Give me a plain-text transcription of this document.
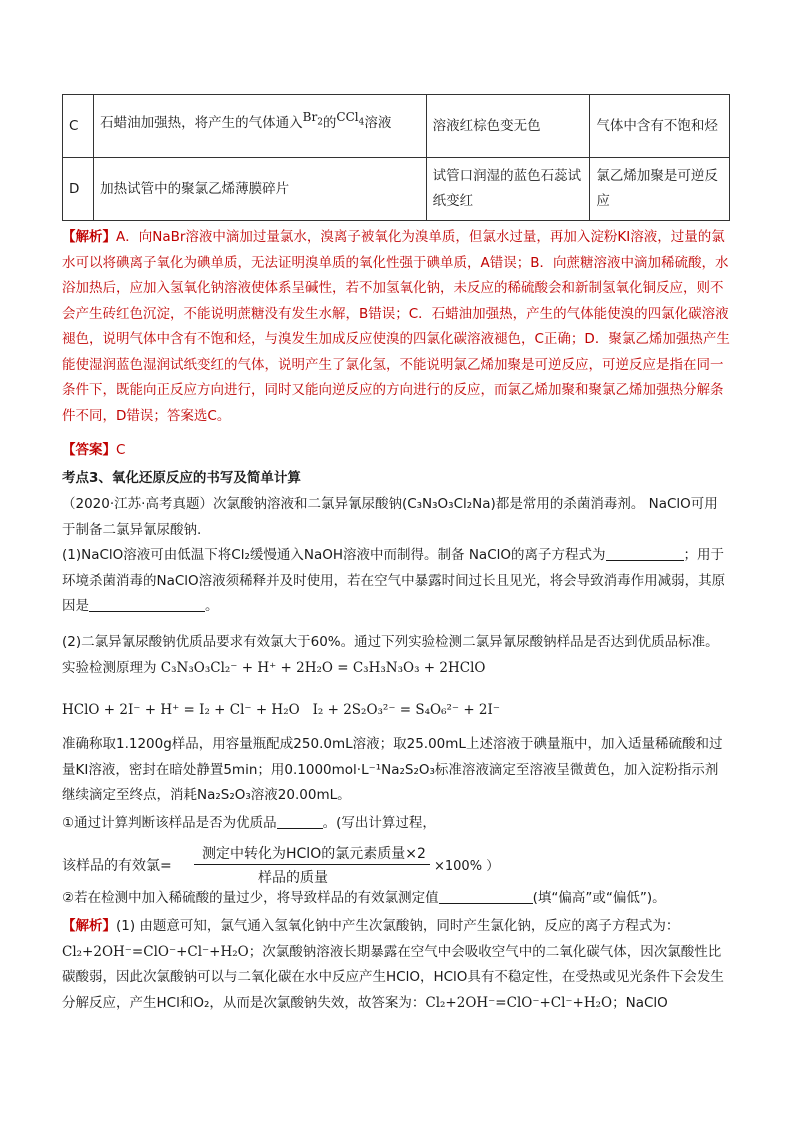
C	石蜡油加强热，将产生的气体通入$Br_2$的CCl$_4$溶液	溶液红棕色变无色	气体中含有不饱和烃
D	加热试管中的聚氯乙烯薄膜碎片	试管口润湿的蓝色石蕊试纸变红	氯乙烯加聚是可逆反应

【解析】A．向NaBr溶液中滴加过量氯水，溴离子被氧化为溴单质，但氯水过量，再加入淀粉KI溶液，过量的氯水可以将碘离子氧化为碘单质，无法证明溴单质的氧化性强于碘单质，A错误；B．向蔗糖溶液中滴加稀硫酸，水浴加热后，应加入氢氧化钠溶液使体系呈碱性，若不加氢氧化钠，未反应的稀硫酸会和新制氢氧化铜反应，则不会产生砖红色沉淀，不能说明蔗糖没有发生水解，B错误；C．石蜡油加强热，产生的气体能使溴的四氯化碳溶液褪色，说明气体中含有不饱和烃，与溴发生加成反应使溴的四氯化碳溶液褪色，C正确；D．聚氯乙烯加强热产生能使湿润蓝色湿润试纸变红的气体，说明产生了氯化氢，不能说明氯乙烯加聚是可逆反应，可逆反应是指在同一条件下，既能向正反应方向进行，同时又能向逆反应的方向进行的反应，而氯乙烯加聚和聚氯乙烯加强热分解条件不同，D错误；答案选C。

【答案】C

考点3、氧化还原反应的书写及简单计算

（2020·江苏·高考真题）次氯酸钠溶液和二氯异氰尿酸钠(C₃N₃O₃Cl₂Na)都是常用的杀菌消毒剂。 NaClO可用于制备二氯异氰尿酸钠.

(1)NaClO溶液可由低温下将Cl₂缓慢通入NaOH溶液中而制得。制备 NaClO的离子方程式为	；用于环境杀菌消毒的NaClO溶液须稀释并及时使用，若在空气中暴露时间过长且见光，将会导致消毒作用减弱，其原因是	。

(2)二氯异氰尿酸钠优质品要求有效氯大于60%。通过下列实验检测二氯异氰尿酸钠样品是否达到优质品标准。实验检测原理为 C₃N₃O₃Cl₂⁻ + H⁺ + 2H₂O = C₃H₃N₃O₃ + 2HClO

HClO + 2I⁻ + H⁺ = I₂ + Cl⁻ + H₂O I₂ + 2S₂O₃²⁻ = S₄O₆²⁻ + 2I⁻

准确称取1.1200g样品，用容量瓶配成250.0mL溶液；取25.00mL上述溶液于碘量瓶中，加入适量稀硫酸和过量KI溶液，密封在暗处静置5min；用0.1000mol·L⁻¹Na₂S₂O₃标准溶液滴定至溶液呈微黄色，加入淀粉指示剂继续滴定至终点，消耗Na₂S₂O₃溶液20.00mL。

①通过计算判断该样品是否为优质品	。(写出计算过程，

该样品的有效氯=
测定中转化为HClO的氯元素质量×2
样品的质量
×100% ）

②若在检测中加入稀硫酸的量过少，将导致样品的有效氯测定值	(填“偏高”或“偏低”)。

【解析】(1) 由题意可知，氯气通入氢氧化钠中产生次氯酸钠，同时产生氯化钠，反应的离子方程式为：Cl₂+2OH⁻=ClO⁻+Cl⁻+H₂O；次氯酸钠溶液长期暴露在空气中会吸收空气中的二氧化碳气体，因次氯酸性比碳酸弱，因此次氯酸钠可以与二氧化碳在水中反应产生HClO，HClO具有不稳定性，在受热或见光条件下会发生分解反应，产生HCl和O₂，从而是次氯酸钠失效，故答案为：Cl₂+2OH⁻=ClO⁻+Cl⁻+H₂O；NaClO
